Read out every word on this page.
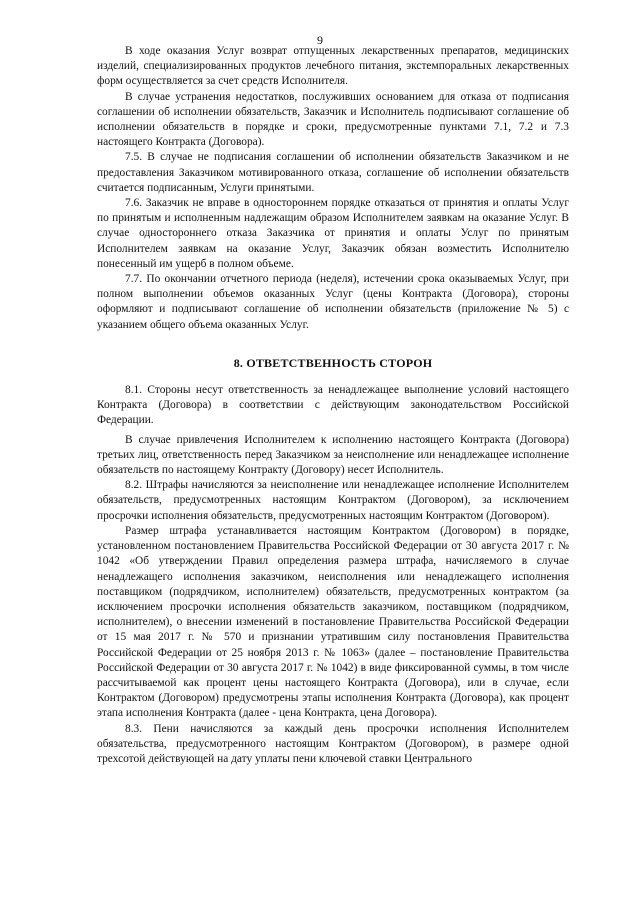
9

В ходе оказания Услуг возврат отпущенных лекарственных препаратов, медицинских изделий, специализированных продуктов лечебного питания, экстемпоральных лекарственных форм осуществляется за счет средств Исполнителя.

В случае устранения недостатков, послуживших основанием для отказа от подписания соглашении об исполнении обязательств, Заказчик и Исполнитель подписывают соглашение об исполнении обязательств в порядке и сроки, предусмотренные пунктами 7.1, 7.2 и 7.3 настоящего Контракта (Договора).

7.5. В случае не подписания соглашении об исполнении обязательств Заказчиком и не предоставления Заказчиком мотивированного отказа, соглашение об исполнении обязательств считается подписанным, Услуги принятыми.

7.6. Заказчик не вправе в одностороннем порядке отказаться от принятия и оплаты Услуг по принятым и исполненным надлежащим образом Исполнителем заявкам на оказание Услуг. В случае одностороннего отказа Заказчика от принятия и оплаты Услуг по принятым Исполнителем заявкам на оказание Услуг, Заказчик обязан возместить Исполнителю понесенный им ущерб в полном объеме.

7.7. По окончании отчетного периода (неделя), истечении срока оказываемых Услуг, при полном выполнении объемов оказанных Услуг (цены Контракта (Договора), стороны оформляют и подписывают соглашение об исполнении обязательств (приложение № 5) с указанием общего объема оказанных Услуг.

8. ОТВЕТСТВЕННОСТЬ СТОРОН

8.1. Стороны несут ответственность за ненадлежащее выполнение условий настоящего Контракта (Договора) в соответствии с действующим законодательством Российской Федерации.

В случае привлечения Исполнителем к исполнению настоящего Контракта (Договора) третьих лиц, ответственность перед Заказчиком за неисполнение или ненадлежащее исполнение обязательств по настоящему Контракту (Договору) несет Исполнитель.

8.2. Штрафы начисляются за неисполнение или ненадлежащее исполнение Исполнителем обязательств, предусмотренных настоящим Контрактом (Договором), за исключением просрочки исполнения обязательств, предусмотренных настоящим Контрактом (Договором).

Размер штрафа устанавливается настоящим Контрактом (Договором) в порядке, установленном постановлением Правительства Российской Федерации от 30 августа 2017 г. № 1042 «Об утверждении Правил определения размера штрафа, начисляемого в случае ненадлежащего исполнения заказчиком, неисполнения или ненадлежащего исполнения поставщиком (подрядчиком, исполнителем) обязательств, предусмотренных контрактом (за исключением просрочки исполнения обязательств заказчиком, поставщиком (подрядчиком, исполнителем), о внесении изменений в постановление Правительства Российской Федерации от 15 мая 2017 г. № 570 и признании утратившим силу постановления Правительства Российской Федерации от 25 ноября 2013 г. № 1063» (далее – постановление Правительства Российской Федерации от 30 августа 2017 г. № 1042) в виде фиксированной суммы, в том числе рассчитываемой как процент цены настоящего Контракта (Договора), или в случае, если Контрактом (Договором) предусмотрены этапы исполнения Контракта (Договора), как процент этапа исполнения Контракта (далее - цена Контракта, цена Договора).

8.3. Пени начисляются за каждый день просрочки исполнения Исполнителем обязательства, предусмотренного настоящим Контрактом (Договором), в размере одной трехсотой действующей на дату уплаты пени ключевой ставки Центрального
